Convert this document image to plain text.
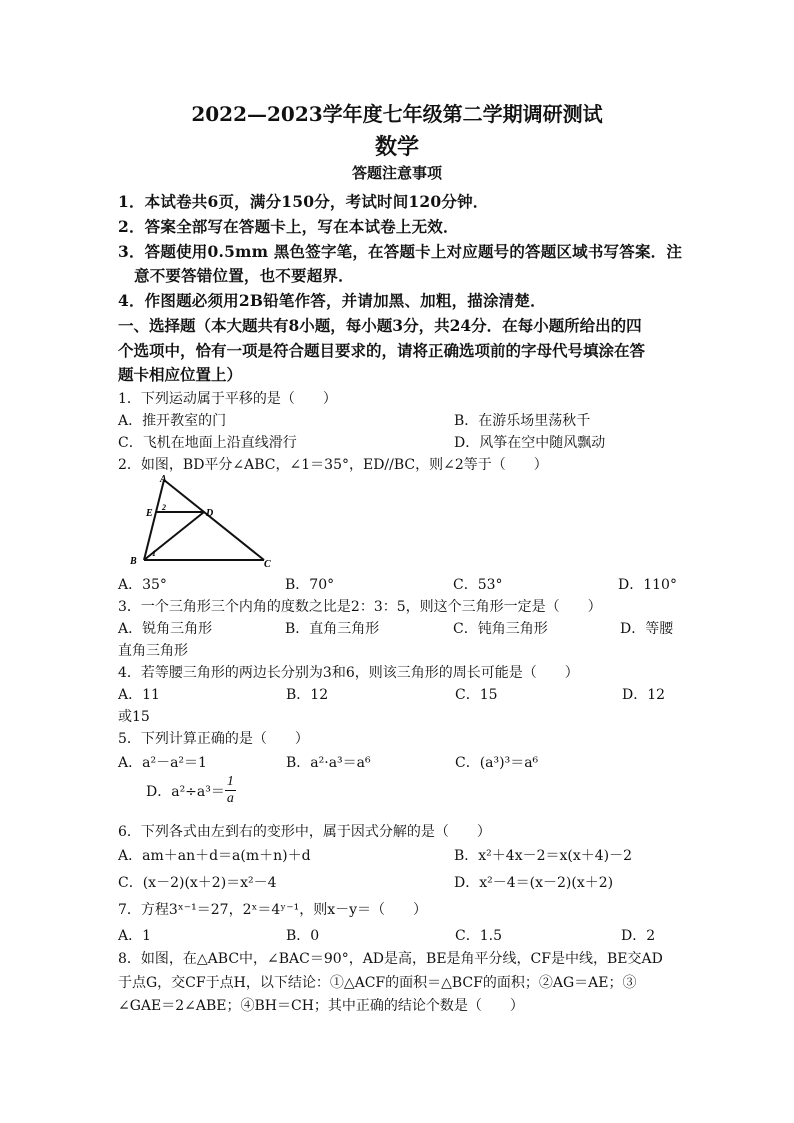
2022—2023学年度七年级第二学期调研测试
数学
答题注意事项
1．本试卷共6页，满分150分，考试时间120分钟．
2．答案全部写在答题卡上，写在本试卷上无效．
3．答题使用0.5mm 黑色签字笔，在答题卡上对应题号的答题区域书写答案．注
意不要答错位置，也不要超界．
4．作图题必须用2B铅笔作答，并请加黑、加粗，描涂清楚．
一、选择题（本大题共有8小题，每小题3分，共24分．在每小题所给出的四
个选项中，恰有一项是符合题目要求的，请将正确选项前的字母代号填涂在答
题卡相应位置上）
1．下列运动属于平移的是（　　）
A．推开教室的门	B．在游乐场里荡秋千
C．飞机在地面上沿直线滑行	D．风筝在空中随风飘动
2．如图，BD平分∠ABC，∠1＝35°，ED//BC，则∠2等于（　　）
A
E
2
D
B
1
C
A．35°	B．70°	C．53°	D．110°
3．一个三角形三个内角的度数之比是2：3：5，则这个三角形一定是（　　）
A．锐角三角形	B．直角三角形	C．钝角三角形	D．等腰
直角三角形
4．若等腰三角形的两边长分别为3和6，则该三角形的周长可能是（　　）
A．11	B．12	C．15	D．12
或15
5．下列计算正确的是（　　）
A．a²－a²＝1	B．a²·a³＝a⁶	C．(a³)³＝a⁶
D．$a^2\div a^3= \frac{1}{a}$
6．下列各式由左到右的变形中，属于因式分解的是（　　）
A．am＋an＋d＝a(m＋n)＋d	B．x²＋4x－2＝x(x＋4)－2
C．(x－2)(x＋2)＝x²－4	D．x²－4＝(x－2)(x＋2)
7．方程3ˣ⁻¹＝27，2ˣ＝4ʸ⁻¹，则x－y＝（　　）
A．1	B．0	C．1.5	D．2
8．如图，在△ABC中，∠BAC＝90°，AD是高，BE是角平分线，CF是中线，BE交AD
于点G，交CF于点H，以下结论：①△ACF的面积＝△BCF的面积；②AG＝AE；③
∠GAE＝2∠ABE；④BH＝CH；其中正确的结论个数是（　　）
